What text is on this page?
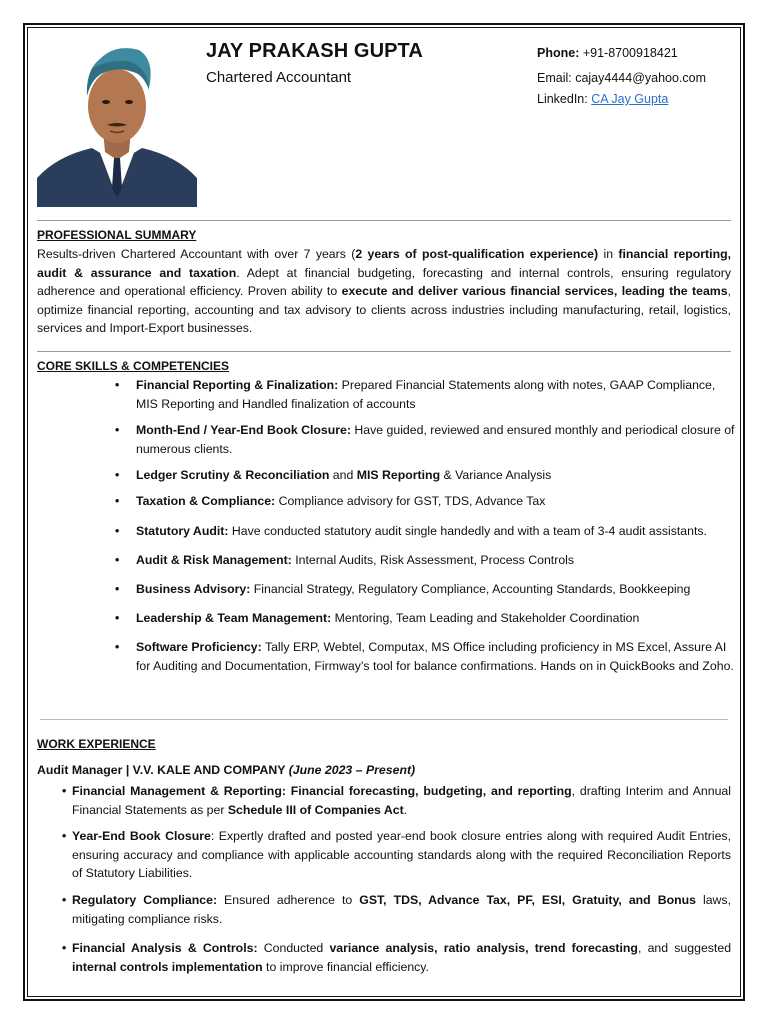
JAY PRAKASH GUPTA
Chartered Accountant
Phone: +91-8700918421
Email: cajay4444@yahoo.com
LinkedIn: CA Jay Gupta
PROFESSIONAL SUMMARY
Results-driven Chartered Accountant with over 7 years (2 years of post-qualification experience) in financial reporting, audit & assurance and taxation. Adept at financial budgeting, forecasting and internal controls, ensuring regulatory adherence and operational efficiency. Proven ability to execute and deliver various financial services, leading the teams, optimize financial reporting, accounting and tax advisory to clients across industries including manufacturing, retail, logistics, services and Import-Export businesses.
CORE SKILLS & COMPETENCIES
• Financial Reporting & Finalization: Prepared Financial Statements along with notes, GAAP Compliance, MIS Reporting and Handled finalization of accounts
• Month-End / Year-End Book Closure: Have guided, reviewed and ensured monthly and periodical closure of numerous clients.
• Ledger Scrutiny & Reconciliation and MIS Reporting & Variance Analysis
• Taxation & Compliance: Compliance advisory for GST, TDS, Advance Tax
• Statutory Audit: Have conducted statutory audit single handedly and with a team of 3-4 audit assistants.
• Audit & Risk Management: Internal Audits, Risk Assessment, Process Controls
• Business Advisory: Financial Strategy, Regulatory Compliance, Accounting Standards, Bookkeeping
• Leadership & Team Management: Mentoring, Team Leading and Stakeholder Coordination
• Software Proficiency: Tally ERP, Webtel, Computax, MS Office including proficiency in MS Excel, Assure AI for Auditing and Documentation, Firmway’s tool for balance confirmations. Hands on in QuickBooks and Zoho.
WORK EXPERIENCE
Audit Manager | V.V. KALE AND COMPANY (June 2023 – Present)
• Financial Management & Reporting: Financial forecasting, budgeting, and reporting, drafting Interim and Annual Financial Statements as per Schedule III of Companies Act.
• Year-End Book Closure: Expertly drafted and posted year-end book closure entries along with required Audit Entries, ensuring accuracy and compliance with applicable accounting standards along with the required Reconciliation Reports of Statutory Liabilities.
• Regulatory Compliance: Ensured adherence to GST, TDS, Advance Tax, PF, ESI, Gratuity, and Bonus laws, mitigating compliance risks.
• Financial Analysis & Controls: Conducted variance analysis, ratio analysis, trend forecasting, and suggested internal controls implementation to improve financial efficiency.
